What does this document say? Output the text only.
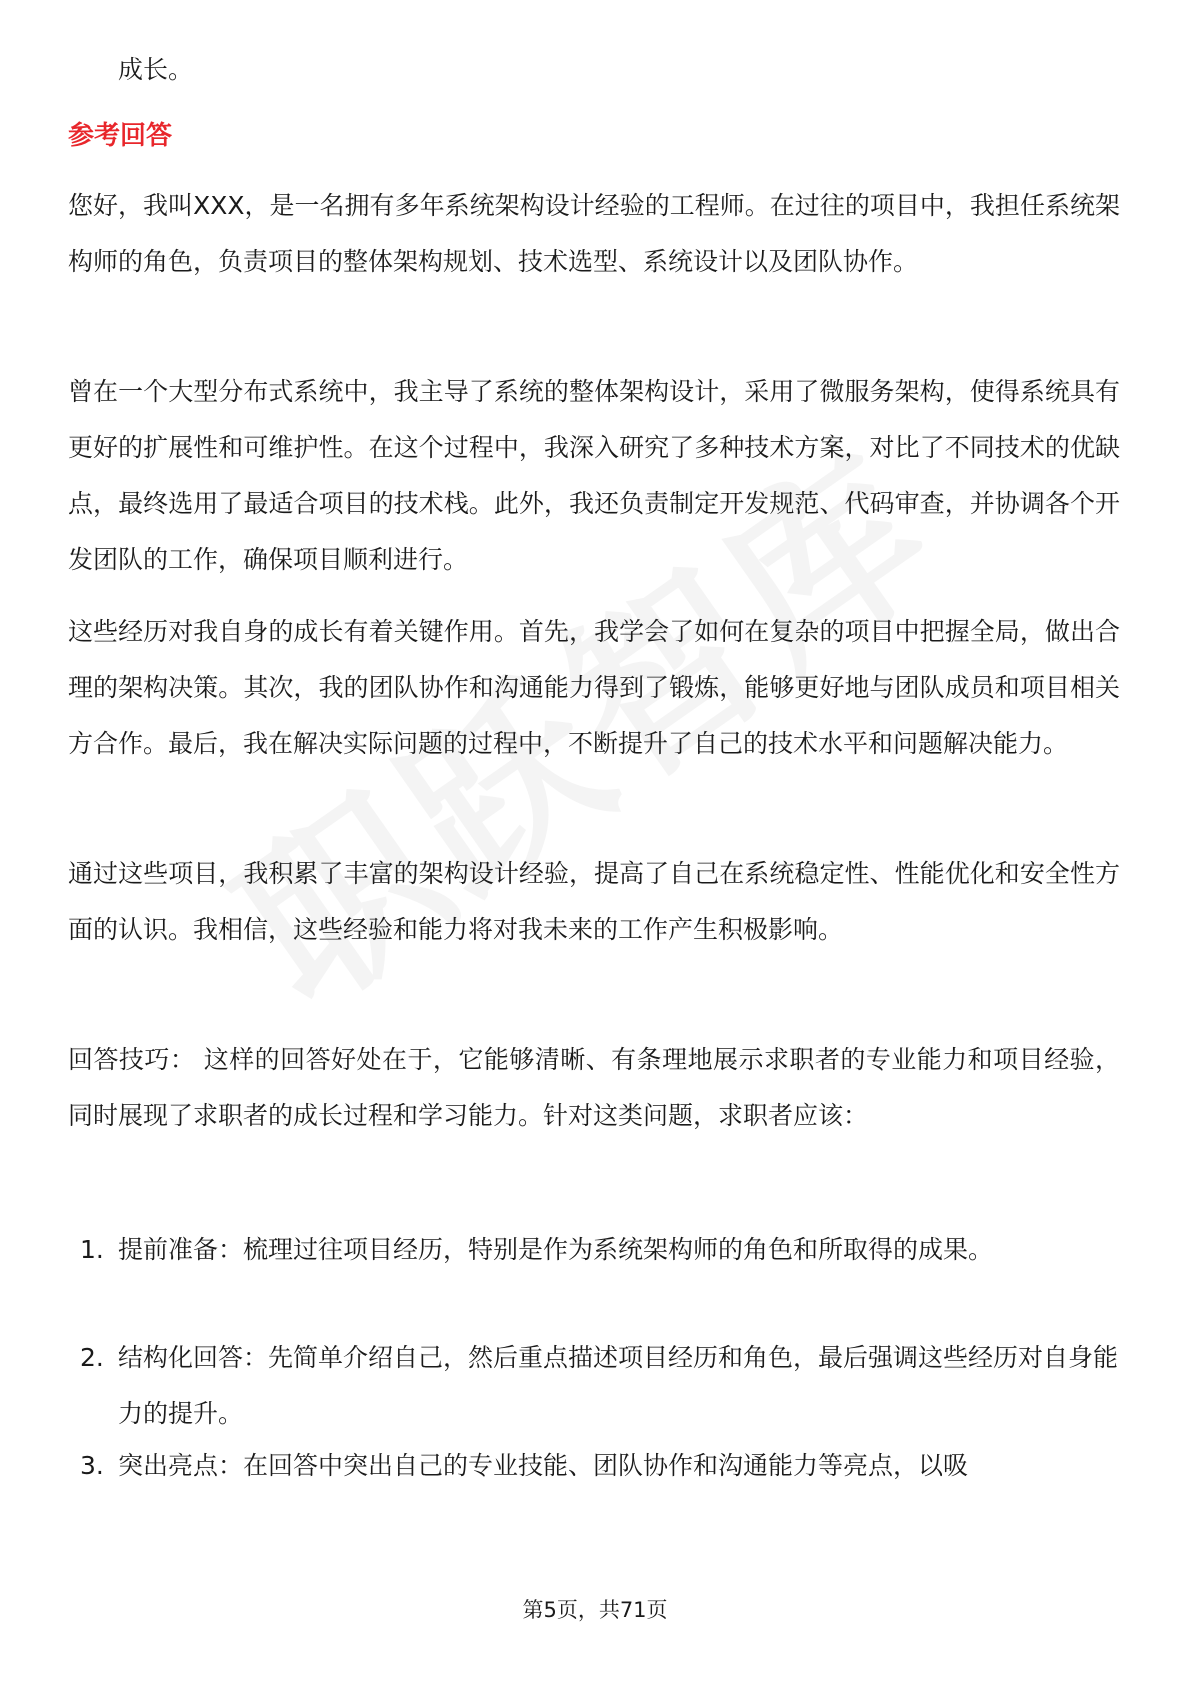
成长。
参考回答

您好，我叫XXX，是一名拥有多年系统架构设计经验的工程师。在过往的项目中，我担任系统架构师的角色，负责项目的整体架构规划、技术选型、系统设计以及团队协作。

曾在一个大型分布式系统中，我主导了系统的整体架构设计，采用了微服务架构，使得系统具有更好的扩展性和可维护性。在这个过程中，我深入研究了多种技术方案，对比了不同技术的优缺点，最终选用了最适合项目的技术栈。此外，我还负责制定开发规范、代码审查，并协调各个开发团队的工作，确保项目顺利进行。

这些经历对我自身的成长有着关键作用。首先，我学会了如何在复杂的项目中把握全局，做出合理的架构决策。其次，我的团队协作和沟通能力得到了锻炼，能够更好地与团队成员和项目相关方合作。最后，我在解决实际问题的过程中，不断提升了自己的技术水平和问题解决能力。

通过这些项目，我积累了丰富的架构设计经验，提高了自己在系统稳定性、性能优化和安全性方面的认识。我相信，这些经验和能力将对我未来的工作产生积极影响。

回答技巧： 这样的回答好处在于，它能够清晰、有条理地展示求职者的专业能力和项目经验，同时展现了求职者的成长过程和学习能力。针对这类问题，求职者应该：

1. 提前准备：梳理过往项目经历，特别是作为系统架构师的角色和所取得的成果。
2. 结构化回答：先简单介绍自己，然后重点描述项目经历和角色，最后强调这些经历对自身能力的提升。
3. 突出亮点：在回答中突出自己的专业技能、团队协作和沟通能力等亮点，以吸
第5页，共71页
